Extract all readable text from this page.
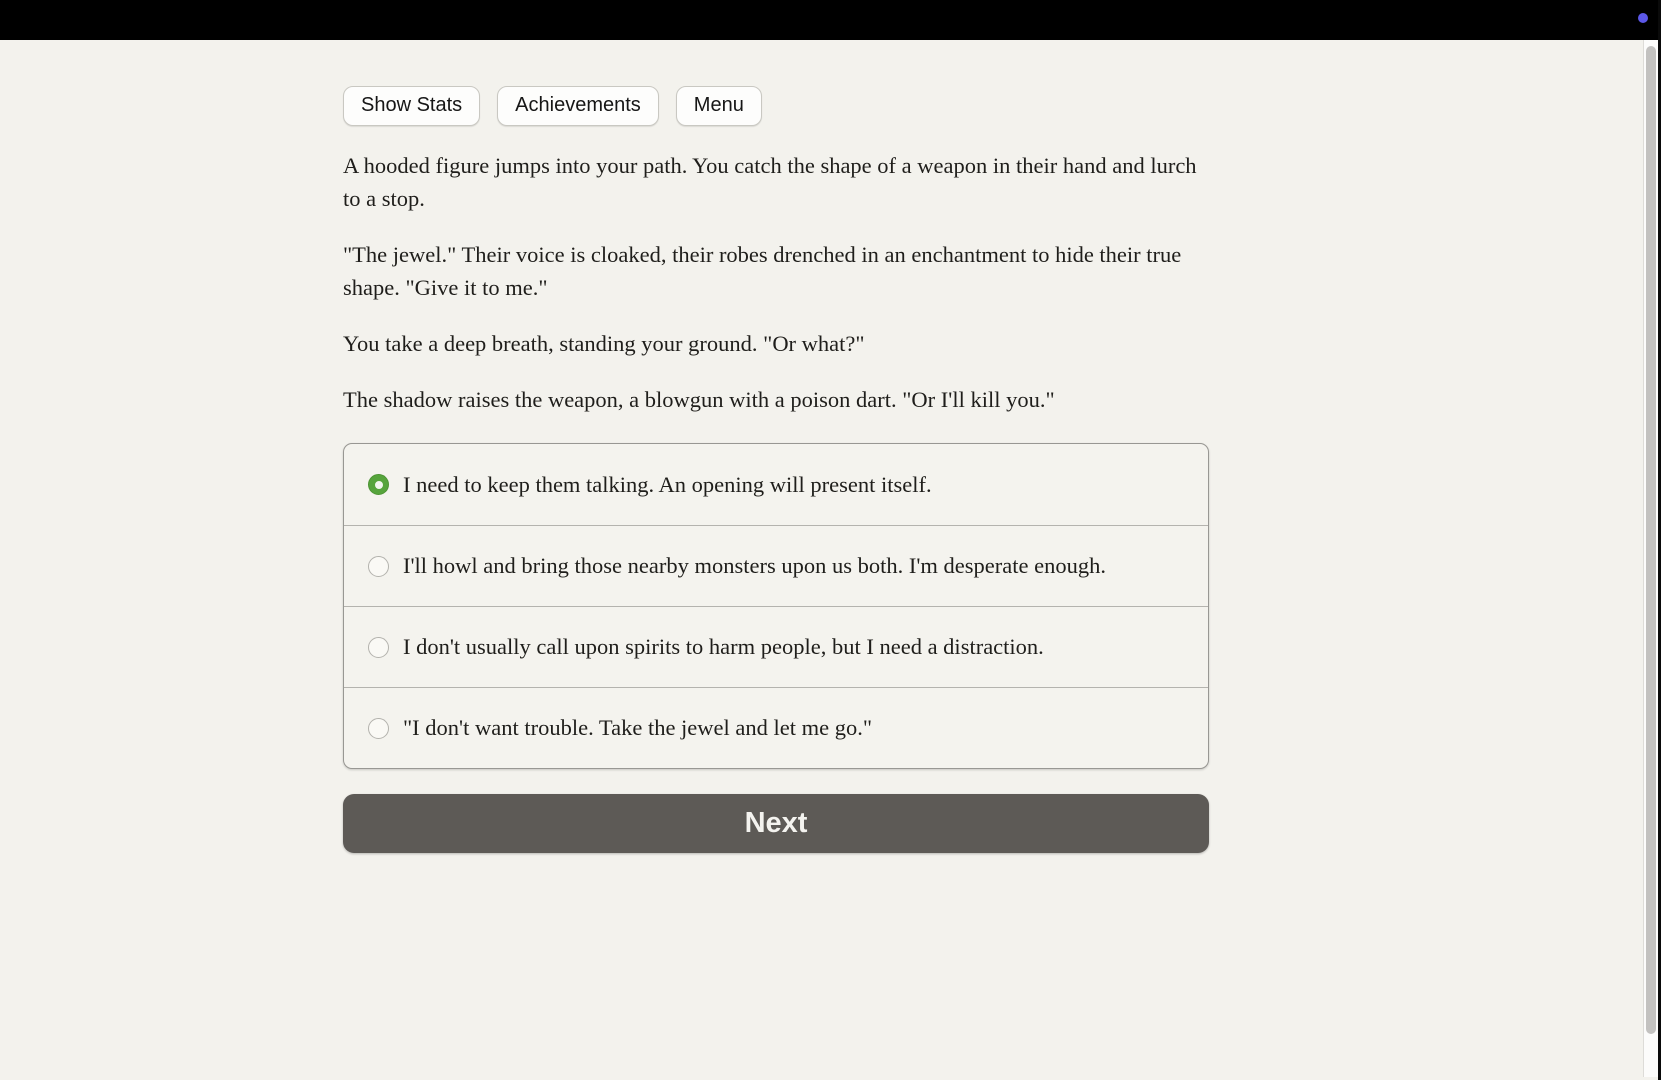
Show Stats	Achievements	Menu

A hooded figure jumps into your path. You catch the shape of a weapon in their hand and lurch to a stop.

"The jewel." Their voice is cloaked, their robes drenched in an enchantment to hide their true shape. "Give it to me."

You take a deep breath, standing your ground. "Or what?"

The shadow raises the weapon, a blowgun with a poison dart. "Or I'll kill you."

I need to keep them talking. An opening will present itself.
I'll howl and bring those nearby monsters upon us both. I'm desperate enough.
I don't usually call upon spirits to harm people, but I need a distraction.
"I don't want trouble. Take the jewel and let me go."
Next
